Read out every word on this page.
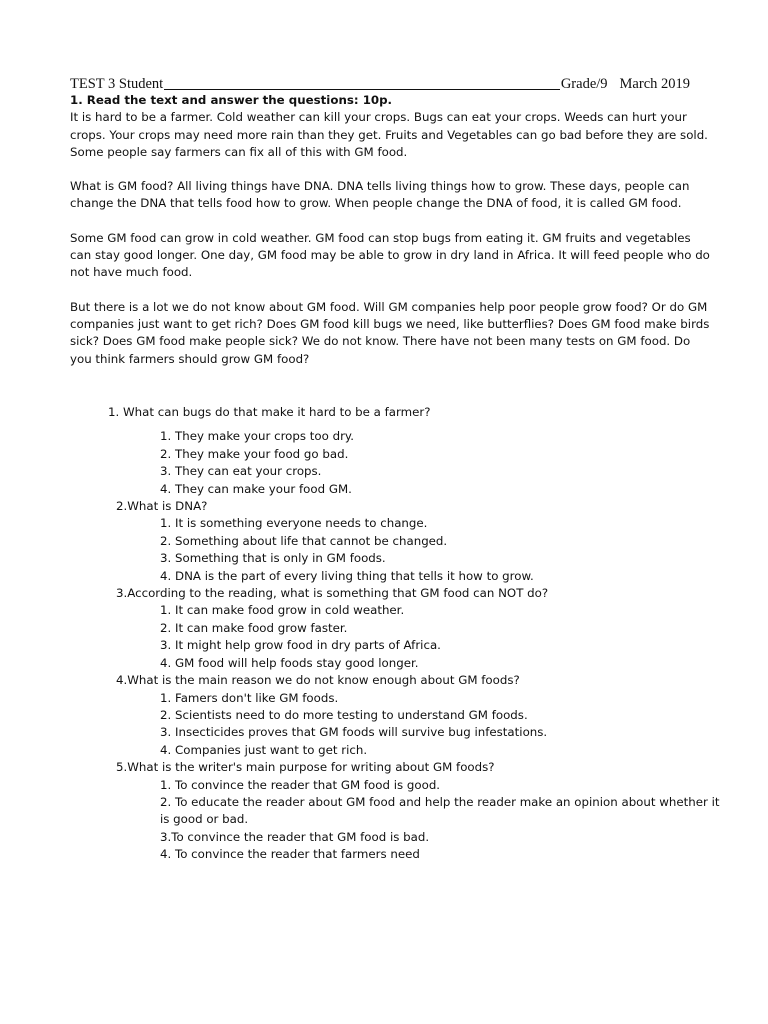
TEST 3
Student	Grade/9 March 2019

1. Read the text and answer the questions: 10p.

It is hard to be a farmer. Cold weather can kill your crops. Bugs can eat your crops. Weeds can hurt your crops. Your crops may need more rain than they get. Fruits and Vegetables can go bad before they are sold. Some people say farmers can fix all of this with GM food.

What is GM food? All living things have DNA. DNA tells living things how to grow. These days, people can change the DNA that tells food how to grow. When people change the DNA of food, it is called GM food.

Some GM food can grow in cold weather. GM food can stop bugs from eating it. GM fruits and vegetables can stay good longer. One day, GM food may be able to grow in dry land in Africa. It will feed people who do not have much food.

But there is a lot we do not know about GM food. Will GM companies help poor people grow food? Or do GM companies just want to get rich? Does GM food kill bugs we need, like butterflies? Does GM food make birds sick? Does GM food make people sick? We do not know. There have not been many tests on GM food. Do you think farmers should grow GM food?

1. What can bugs do that make it hard to be a farmer?
1. They make your crops too dry.
2. They make your food go bad.
3. They can eat your crops.
4. They can make your food GM.
2.What is DNA?
1. It is something everyone needs to change.
2. Something about life that cannot be changed.
3. Something that is only in GM foods.
4. DNA is the part of every living thing that tells it how to grow.
3.According to the reading, what is something that GM food can NOT do?
1. It can make food grow in cold weather.
2. It can make food grow faster.
3. It might help grow food in dry parts of Africa.
4. GM food will help foods stay good longer.
4.What is the main reason we do not know enough about GM foods?
1. Famers don't like GM foods.
2. Scientists need to do more testing to understand GM foods.
3. Insecticides proves that GM foods will survive bug infestations.
4. Companies just want to get rich.
5.What is the writer's main purpose for writing about GM foods?
1. To convince the reader that GM food is good.
2. To educate the reader about GM food and help the reader make an opinion about whether it is good or bad.
3.To convince the reader that GM food is bad.
4. To convince the reader that farmers need
